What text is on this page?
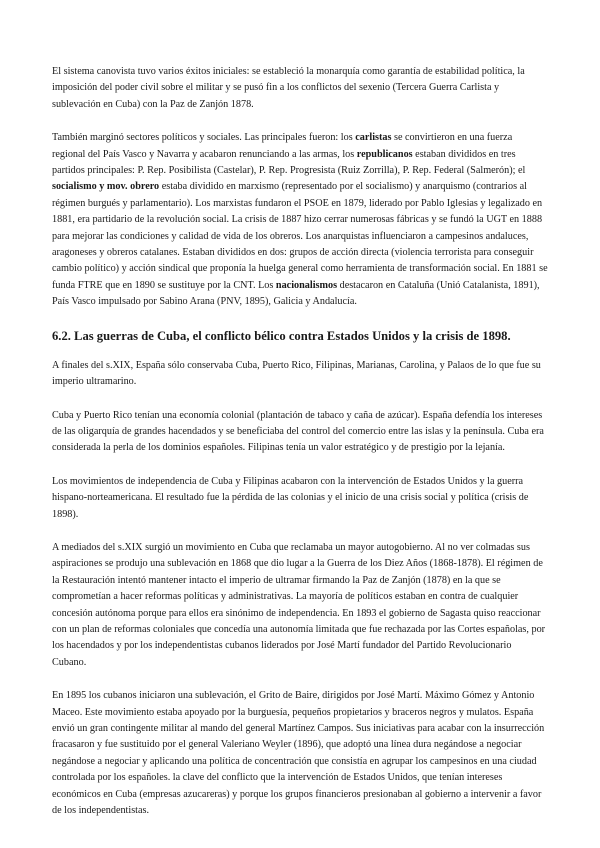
El sistema canovista tuvo varios éxitos iniciales: se estableció la monarquía como garantía de estabilidad política, la imposición del poder civil sobre el militar y se pusó fin a los conflictos del sexenio (Tercera Guerra Carlista y sublevación en Cuba) con la Paz de Zanjón 1878.

También marginó sectores políticos y sociales. Las principales fueron: los carlistas se convirtieron en una fuerza regional del País Vasco y Navarra y acabaron renunciando a las armas, los republicanos estaban divididos en tres partidos principales: P. Rep. Posibilista (Castelar), P. Rep. Progresista (Ruiz Zorrilla), P. Rep. Federal (Salmerón); el socialismo y mov. obrero estaba dividido en marxismo (representado por el socialismo) y anarquismo (contrarios al régimen burgués y parlamentario). Los marxistas fundaron el PSOE en 1879, liderado por Pablo Iglesias y legalizado en 1881, era partidario de la revolución social. La crisis de 1887 hizo cerrar numerosas fábricas y se fundó la UGT en 1888 para mejorar las condiciones y calidad de vida de los obreros. Los anarquistas influenciaron a campesinos andaluces, aragoneses y obreros catalanes. Estaban divididos en dos: grupos de acción directa (violencia terrorista para conseguir cambio político) y acción sindical que proponía la huelga general como herramienta de transformación social. En 1881 se funda FTRE que en 1890 se sustituye por la CNT. Los nacionalismos destacaron en Cataluña (Unió Catalanista, 1891), País Vasco impulsado por Sabino Arana (PNV, 1895), Galicia y Andalucía.

6.2. Las guerras de Cuba, el conflicto bélico contra Estados Unidos y la crisis de 1898.

A finales del s.XIX, España sólo conservaba Cuba, Puerto Rico, Filipinas, Marianas, Carolina, y Palaos de lo que fue su imperio ultramarino.

Cuba y Puerto Rico tenían una economía colonial (plantación de tabaco y caña de azúcar). España defendía los intereses de las oligarquía de grandes hacendados y se beneficiaba del control del comercio entre las islas y la península. Cuba era considerada la perla de los dominios españoles. Filipinas tenía un valor estratégico y de prestigio por la lejanía.

Los movimientos de independencia de Cuba y Filipinas acabaron con la intervención de Estados Unidos y la guerra hispano-norteamericana. El resultado fue la pérdida de las colonias y el inicio de una crisis social y política (crisis de 1898).

A mediados del s.XIX surgió un movimiento en Cuba que reclamaba un mayor autogobierno. Al no ver colmadas sus aspiraciones se produjo una sublevación en 1868 que dio lugar a la Guerra de los Diez Años (1868-1878). El régimen de la Restauración intentó mantener intacto el imperio de ultramar firmando la Paz de Zanjón (1878) en la que se comprometían a hacer reformas políticas y administrativas. La mayoría de políticos estaban en contra de cualquier concesión autónoma porque para ellos era sinónimo de independencia. En 1893 el gobierno de Sagasta quiso reaccionar con un plan de reformas coloniales que concedía una autonomía limitada que fue rechazada por las Cortes españolas, por los hacendados y por los independentistas cubanos liderados por José Martí fundador del Partido Revolucionario Cubano.

En 1895 los cubanos iniciaron una sublevación, el Grito de Baire, dirigidos por José Martí. Máximo Gómez y Antonio Maceo. Este movimiento estaba apoyado por la burguesía, pequeños propietarios y braceros negros y mulatos. España envió un gran contingente militar al mando del general Martínez Campos. Sus iniciativas para acabar con la insurrección fracasaron y fue sustituido por el general Valeriano Weyler (1896), que adoptó una línea dura negándose a negociar negándose a negociar y aplicando una política de concentración que consistía en agrupar los campesinos en una ciudad controlada por los españoles. la clave del conflicto que la intervención de Estados Unidos, que tenían intereses económicos en Cuba (empresas azucareras) y porque los grupos financieros presionaban al gobierno a intervenir a favor de los independentistas.
